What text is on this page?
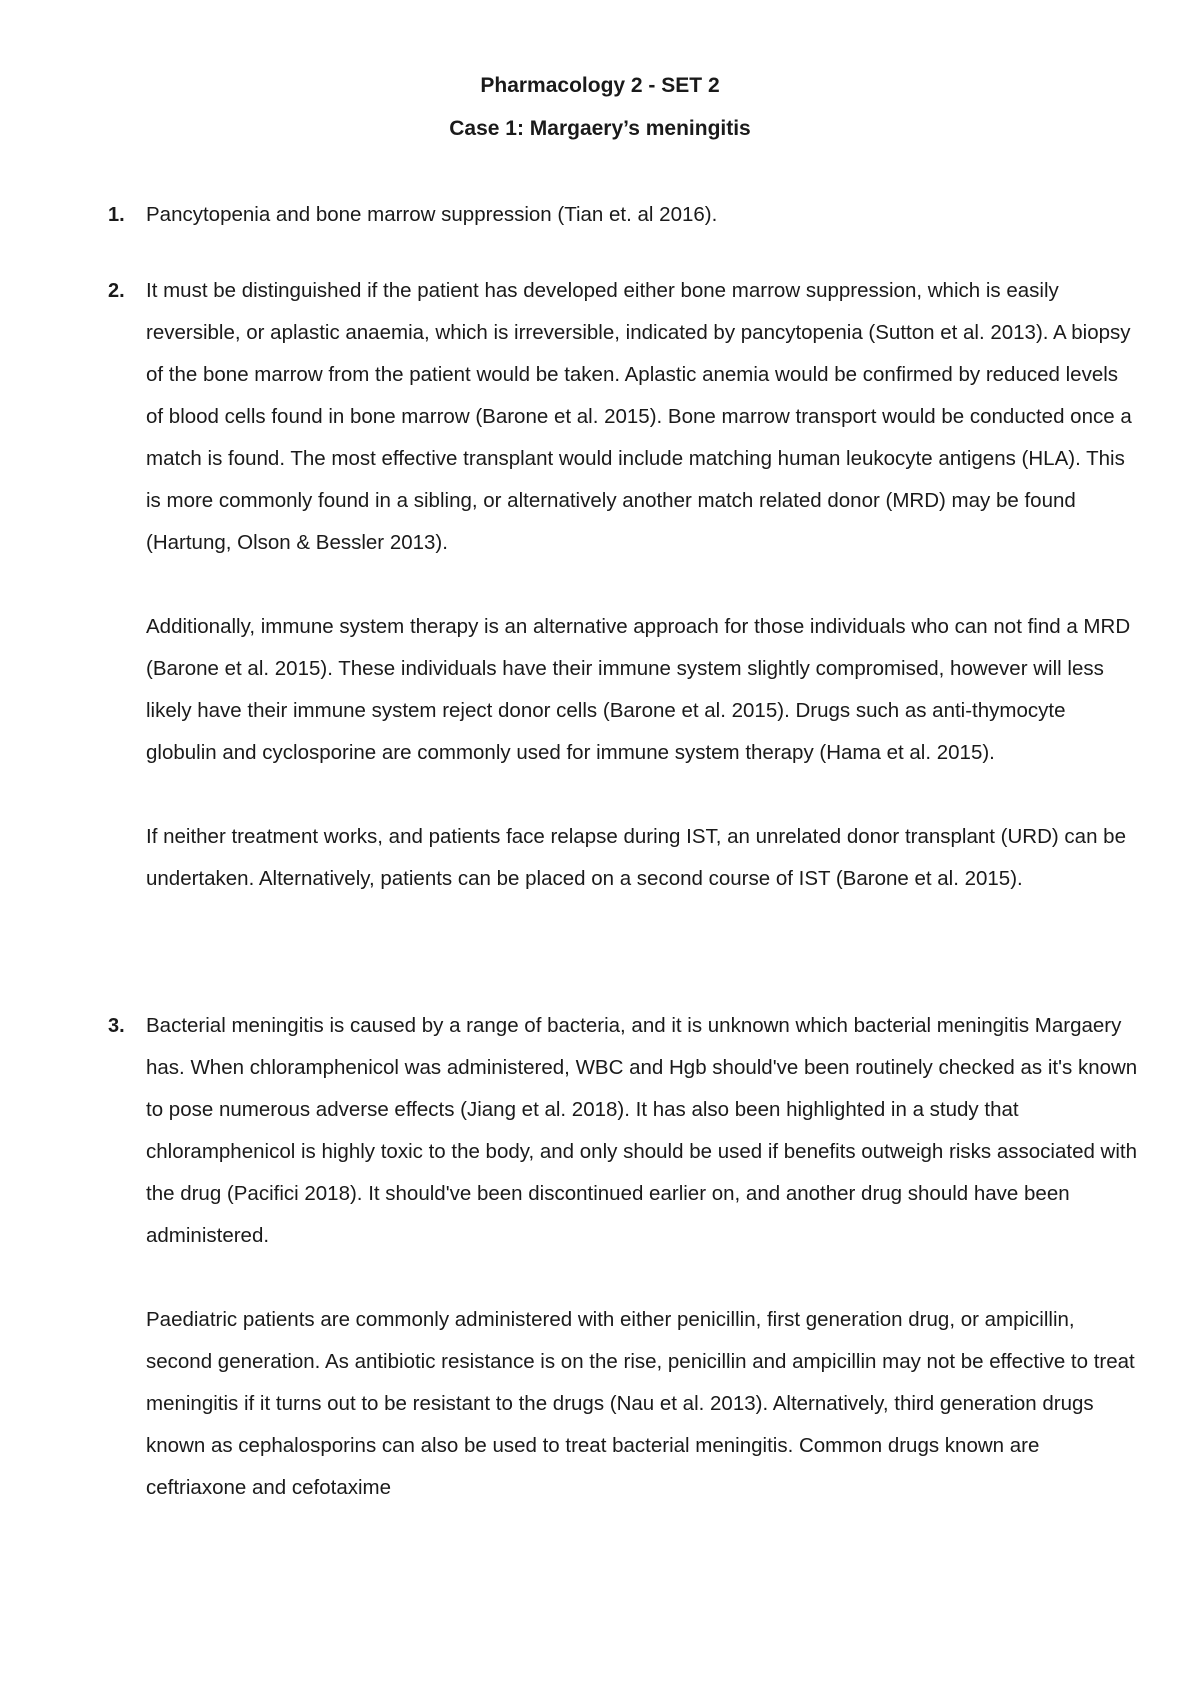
Pharmacology 2 - SET 2
Case 1: Margaery’s meningitis
1. Pancytopenia and bone marrow suppression (Tian et. al 2016).

2. It must be distinguished if the patient has developed either bone marrow suppression, which is easily reversible, or aplastic anaemia, which is irreversible, indicated by pancytopenia (Sutton et al. 2013). A biopsy of the bone marrow from the patient would be taken. Aplastic anemia would be confirmed by reduced levels of blood cells found in bone marrow (Barone et al. 2015). Bone marrow transport would be conducted once a match is found. The most effective transplant would include matching human leukocyte antigens (HLA). This is more commonly found in a sibling, or alternatively another match related donor (MRD) may be found (Hartung, Olson & Bessler 2013).

Additionally, immune system therapy is an alternative approach for those individuals who can not find a MRD (Barone et al. 2015). These individuals have their immune system slightly compromised, however will less likely have their immune system reject donor cells (Barone et al. 2015). Drugs such as anti-thymocyte globulin and cyclosporine are commonly used for immune system therapy (Hama et al. 2015).

If neither treatment works, and patients face relapse during IST, an unrelated donor transplant (URD) can be undertaken. Alternatively, patients can be placed on a second course of IST (Barone et al. 2015).

3. Bacterial meningitis is caused by a range of bacteria, and it is unknown which bacterial meningitis Margaery has. When chloramphenicol was administered, WBC and Hgb should've been routinely checked as it's known to pose numerous adverse effects (Jiang et al. 2018). It has also been highlighted in a study that chloramphenicol is highly toxic to the body, and only should be used if benefits outweigh risks associated with the drug (Pacifici 2018). It should've been discontinued earlier on, and another drug should have been administered.

Paediatric patients are commonly administered with either penicillin, first generation drug, or ampicillin, second generation. As antibiotic resistance is on the rise, penicillin and ampicillin may not be effective to treat meningitis if it turns out to be resistant to the drugs (Nau et al. 2013). Alternatively, third generation drugs known as cephalosporins can also be used to treat bacterial meningitis. Common drugs known are ceftriaxone and cefotaxime
